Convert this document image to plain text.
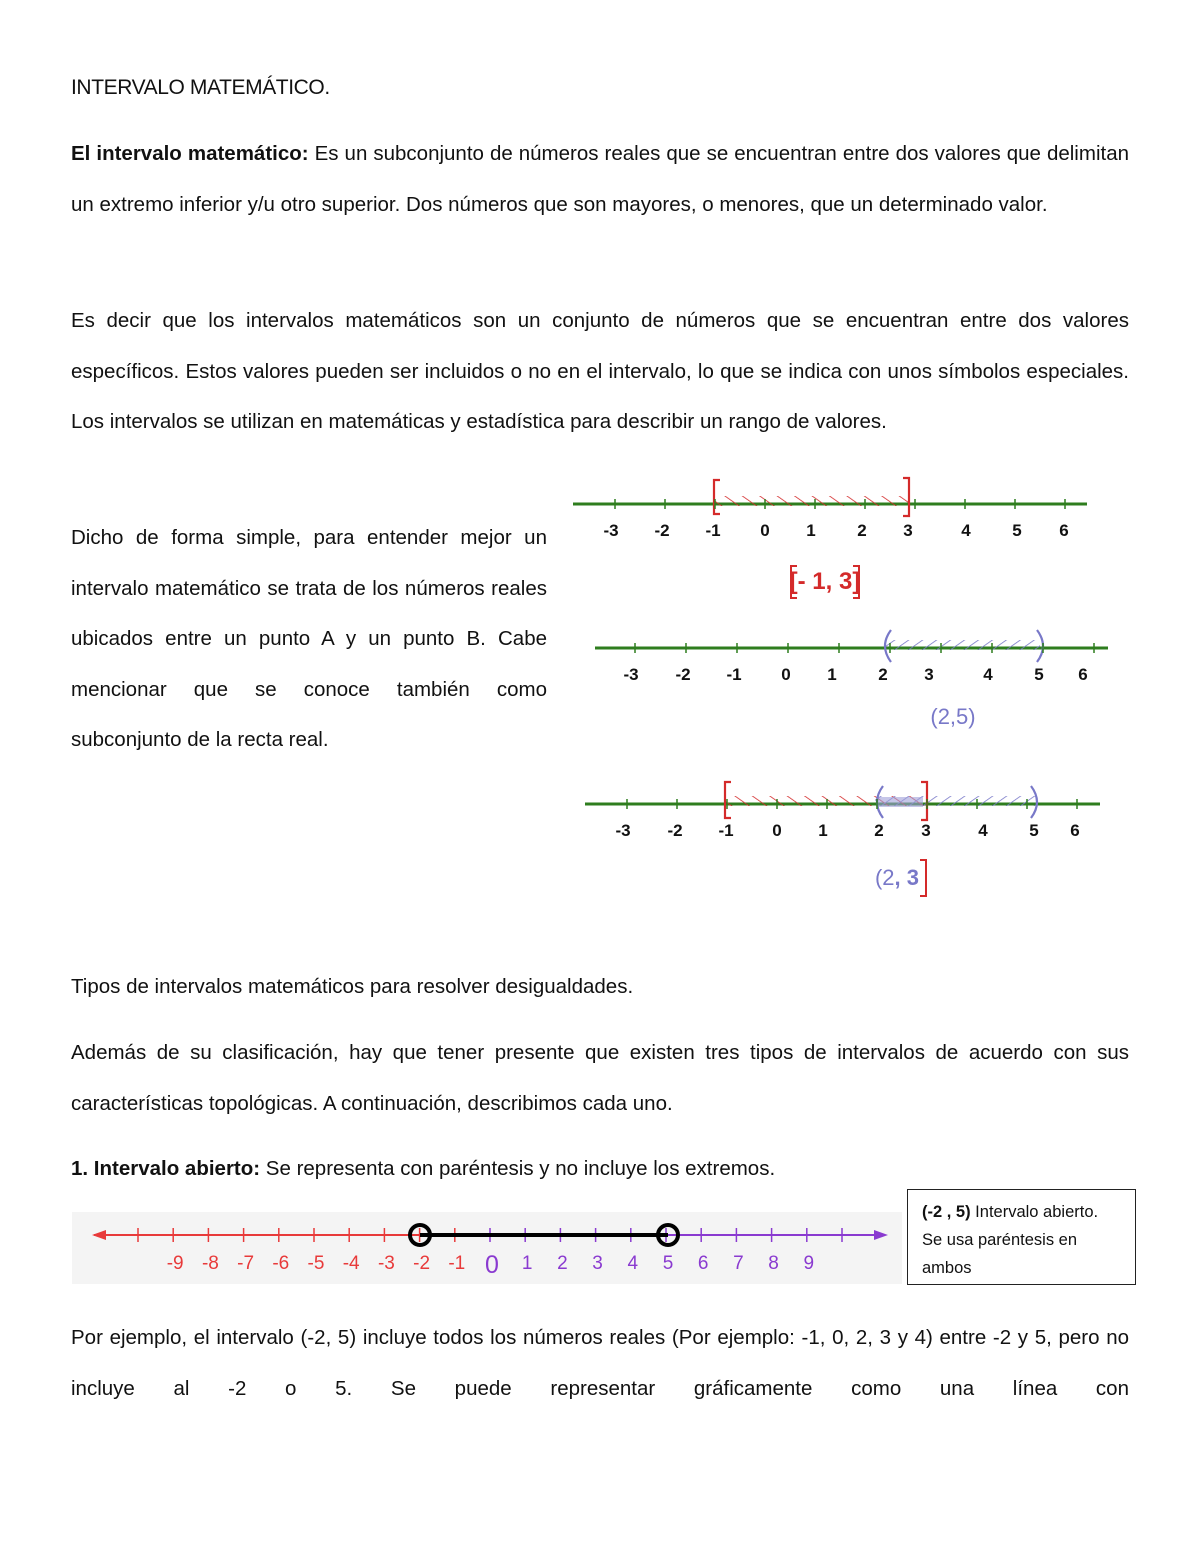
INTERVALO MATEMÁTICO.
El intervalo matemático: Es un subconjunto de números reales que se encuentran entre dos valores que delimitan un extremo inferior y/u otro superior. Dos números que son mayores, o menores, que un determinado valor.
Es decir que los intervalos matemáticos son un conjunto de números que se encuentran entre dos valores específicos. Estos valores pueden ser incluidos o no en el intervalo, lo que se indica con unos símbolos especiales. Los intervalos se utilizan en matemáticas y estadística para describir un rango de valores.
Dicho de forma simple, para entender mejor un intervalo matemático se trata de los números reales ubicados entre un punto A y un punto B. Cabe mencionar que se conoce también como subconjunto de la recta real.
-3 -2 -1 0 1 2 3	4 5 6
[- 1, 3]
-3 -2 -1 0 1 2 3	4 5 6
(2,5)
-3 -2 -1 0 1	2 3	4 5 6
(2, 3
Tipos de intervalos matemáticos para resolver desigualdades.
Además de su clasificación, hay que tener presente que existen tres tipos de intervalos de acuerdo con sus características topológicas. A continuación, describimos cada uno.
1. Intervalo abierto: Se representa con paréntesis y no incluye los extremos.
-9 -8 -7 -6 -5 -4 -3 -2 -1 0 1 2 3 4 5 6 7 8 9
(-2 , 5) Intervalo abierto. Se usa paréntesis en ambos
Por ejemplo, el intervalo (-2, 5) incluye todos los números reales (Por ejemplo: -1, 0, 2, 3 y 4) entre -2 y 5, pero no incluye al -2 o 5. Se puede representar gráficamente como una línea con
